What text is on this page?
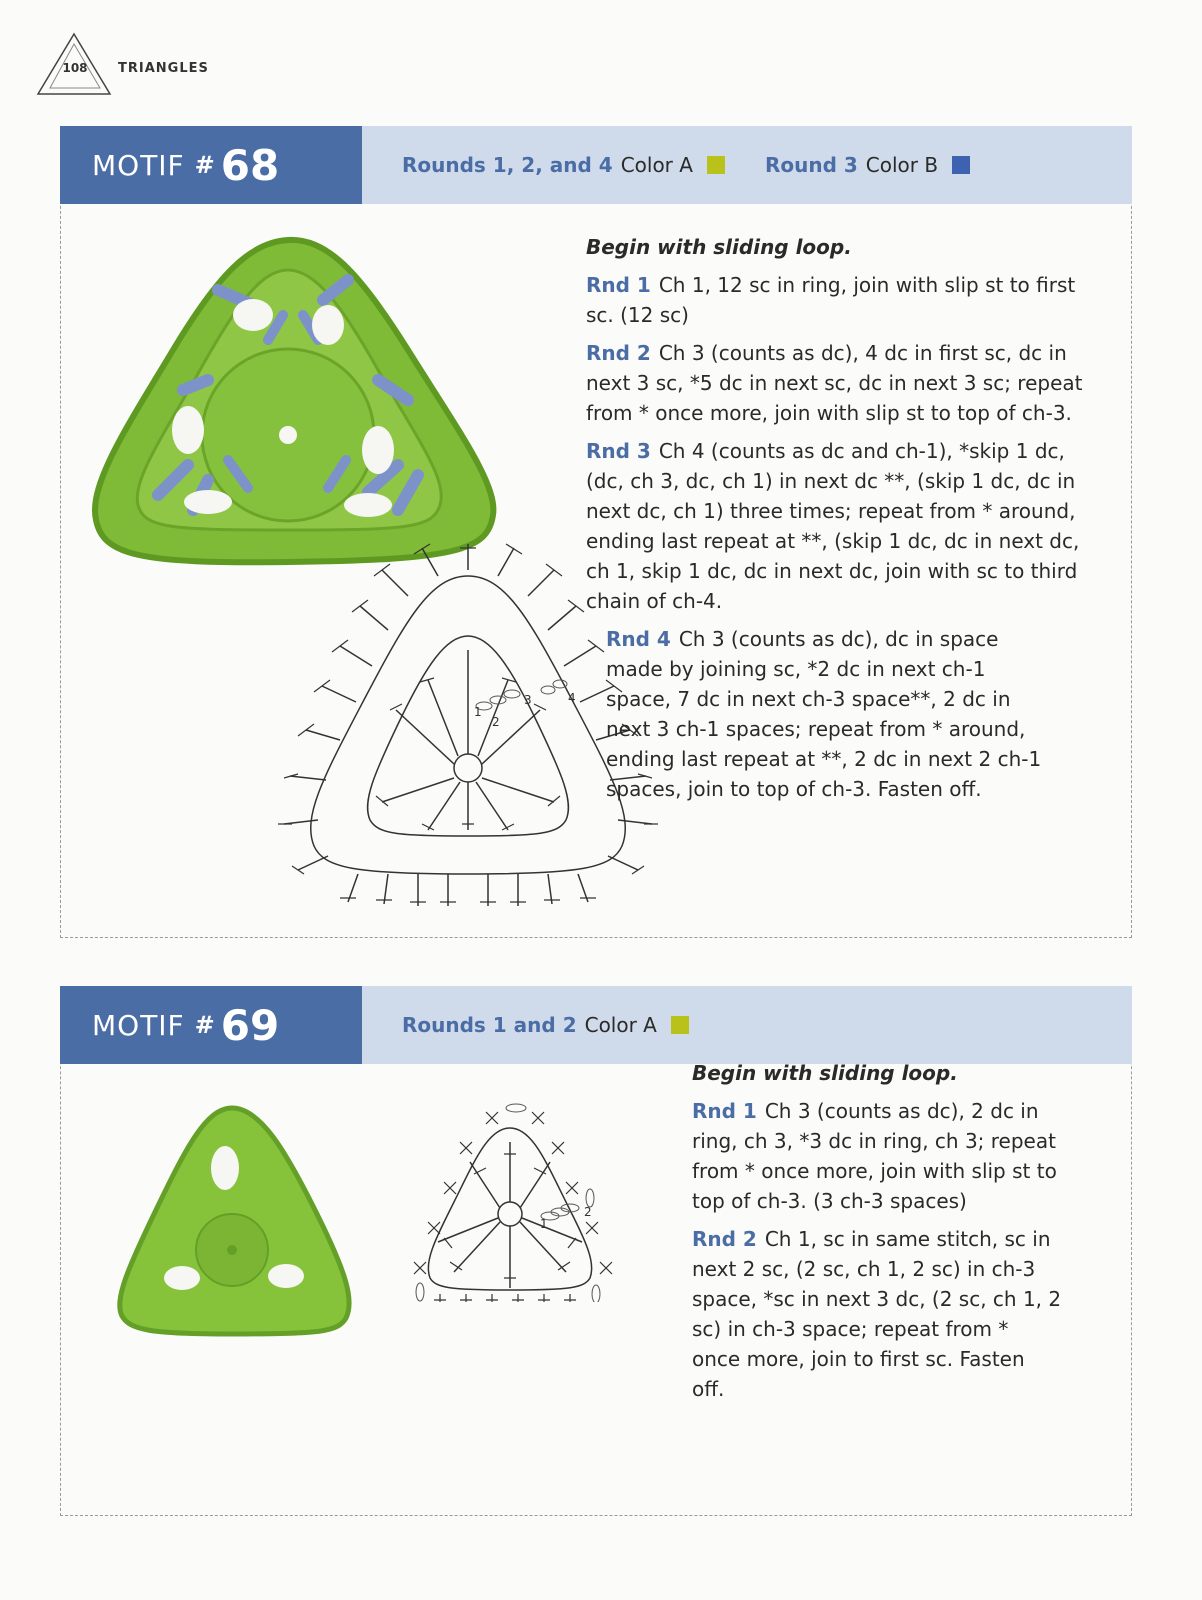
108	TRIANGLES
MOTIF # 68	Rounds 1, 2, and 4 Color A	Round 3 Color B
1
2
3	4
Begin with sliding loop.
Rnd 1 Ch 1, 12 sc in ring, join with slip st to first sc. (12 sc)
Rnd 2 Ch 3 (counts as dc), 4 dc in first sc, dc in next 3 sc, *5 dc in next sc, dc in next 3 sc; repeat from * once more, join with slip st to top of ch-3.
Rnd 3 Ch 4 (counts as dc and ch-1), *skip 1 dc, (dc, ch 3, dc, ch 1) in next dc **, (skip 1 dc, dc in next dc, ch 1) three times; repeat from * around, ending last repeat at **, (skip 1 dc, dc in next dc, ch 1, skip 1 dc, dc in next dc, join with sc to third chain of ch-4.
Rnd 4 Ch 3 (counts as dc), dc in space made by joining sc, *2 dc in next ch-1 space, 7 dc in next ch-3 space**, 2 dc in next 3 ch-1 spaces; repeat from * around, ending last repeat at **, 2 dc in next 2 ch-1 spaces, join to top of ch-3. Fasten off.
MOTIF # 69	Rounds 1 and 2 Color A
1
2
Begin with sliding loop.
Rnd 1 Ch 3 (counts as dc), 2 dc in ring, ch 3, *3 dc in ring, ch 3; repeat from * once more, join with slip st to top of ch-3. (3 ch-3 spaces)
Rnd 2 Ch 1, sc in same stitch, sc in next 2 sc, (2 sc, ch 1, 2 sc) in ch-3 space, *sc in next 3 dc, (2 sc, ch 1, 2 sc) in ch-3 space; repeat from * once more, join to first sc. Fasten off.
